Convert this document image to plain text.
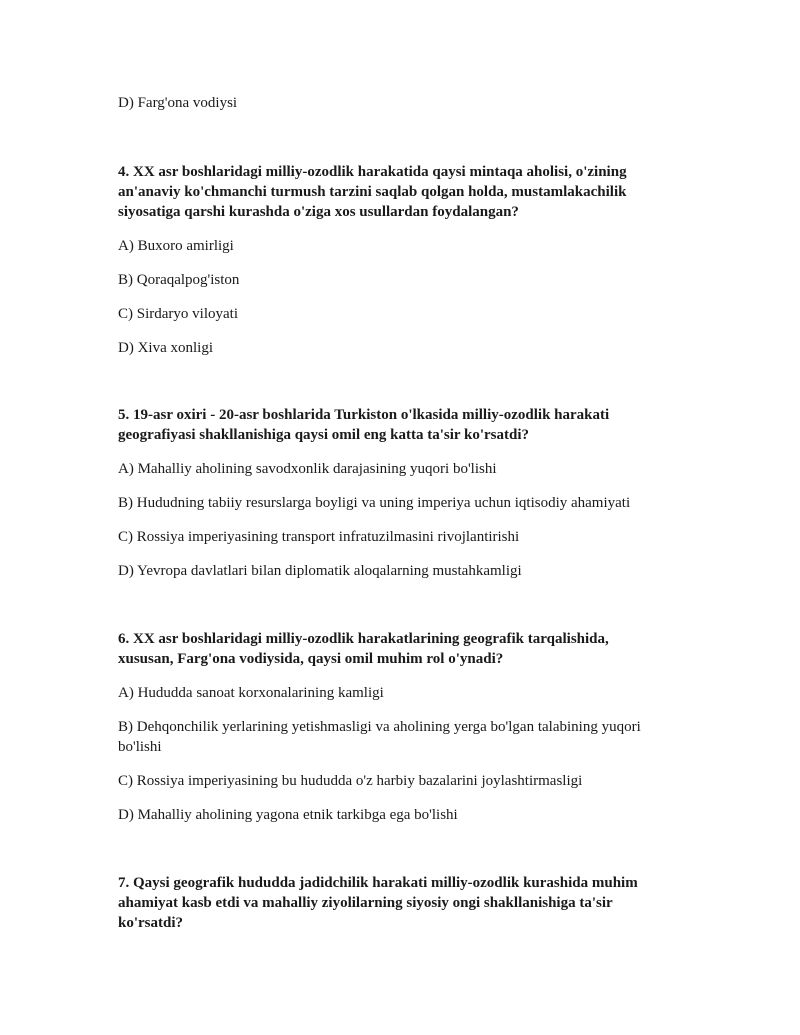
D) Farg'ona vodiysi
4. XX asr boshlaridagi milliy-ozodlik harakatida qaysi mintaqa aholisi, o'zining
an'anaviy ko'chmanchi turmush tarzini saqlab qolgan holda, mustamlakachilik
siyosatiga qarshi kurashda o'ziga xos usullardan foydalangan?
A) Buxoro amirligi
B) Qoraqalpog'iston
C) Sirdaryo viloyati
D) Xiva xonligi
5. 19-asr oxiri - 20-asr boshlarida Turkiston o'lkasida milliy-ozodlik harakati
geografiyasi shakllanishiga qaysi omil eng katta ta'sir ko'rsatdi?
A) Mahalliy aholining savodxonlik darajasining yuqori bo'lishi
B) Hududning tabiiy resurslarga boyligi va uning imperiya uchun iqtisodiy ahamiyati
C) Rossiya imperiyasining transport infratuzilmasini rivojlantirishi
D) Yevropa davlatlari bilan diplomatik aloqalarning mustahkamligi
6. XX asr boshlaridagi milliy-ozodlik harakatlarining geografik tarqalishida,
xususan, Farg'ona vodiysida, qaysi omil muhim rol o'ynadi?
A) Hududda sanoat korxonalarining kamligi
B) Dehqonchilik yerlarining yetishmasligi va aholining yerga bo'lgan talabining yuqori
bo'lishi
C) Rossiya imperiyasining bu hududda o'z harbiy bazalarini joylashtirmasligi
D) Mahalliy aholining yagona etnik tarkibga ega bo'lishi
7. Qaysi geografik hududda jadidchilik harakati milliy-ozodlik kurashida muhim
ahamiyat kasb etdi va mahalliy ziyolilarning siyosiy ongi shakllanishiga ta'sir
ko'rsatdi?
